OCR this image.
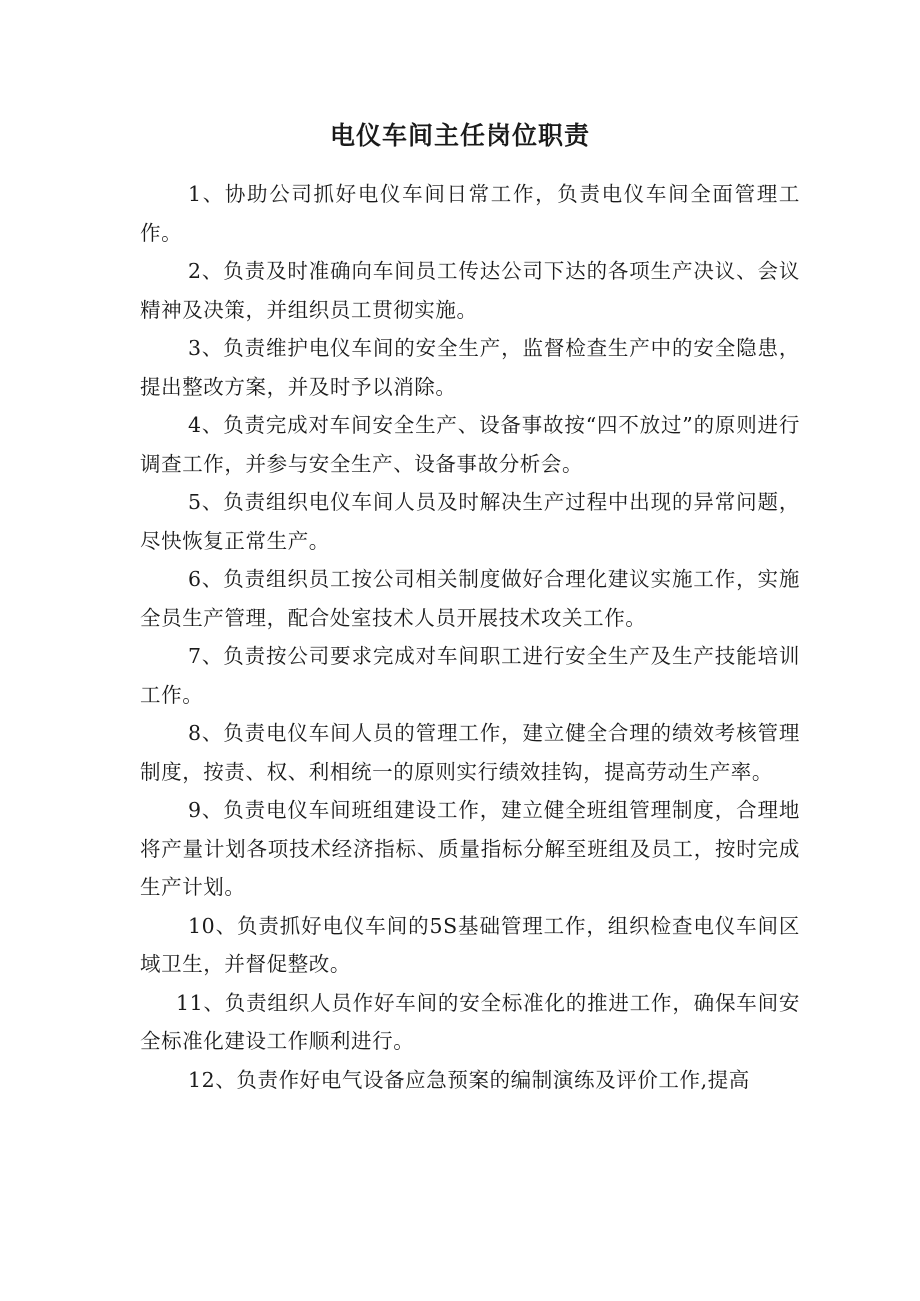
电仪车间主任岗位职责

1、协助公司抓好电仪车间日常工作，负责电仪车间全面管理工作。

2、负责及时准确向车间员工传达公司下达的各项生产决议、会议精神及决策，并组织员工贯彻实施。

3、负责维护电仪车间的安全生产，监督检查生产中的安全隐患，提出整改方案，并及时予以消除。

4、负责完成对车间安全生产、设备事故按“四不放过”的原则进行调查工作，并参与安全生产、设备事故分析会。

5、负责组织电仪车间人员及时解决生产过程中出现的异常问题，尽快恢复正常生产。

6、负责组织员工按公司相关制度做好合理化建议实施工作，实施全员生产管理，配合处室技术人员开展技术攻关工作。

7、负责按公司要求完成对车间职工进行安全生产及生产技能培训工作。

8、负责电仪车间人员的管理工作，建立健全合理的绩效考核管理制度，按责、权、利相统一的原则实行绩效挂钩，提高劳动生产率。

9、负责电仪车间班组建设工作，建立健全班组管理制度，合理地将产量计划各项技术经济指标、质量指标分解至班组及员工，按时完成生产计划。

10、负责抓好电仪车间的5S基础管理工作，组织检查电仪车间区域卫生，并督促整改。

11、负责组织人员作好车间的安全标准化的推进工作，确保车间安全标准化建设工作顺利进行。

12、负责作好电气设备应急预案的编制演练及评价工作,提高
